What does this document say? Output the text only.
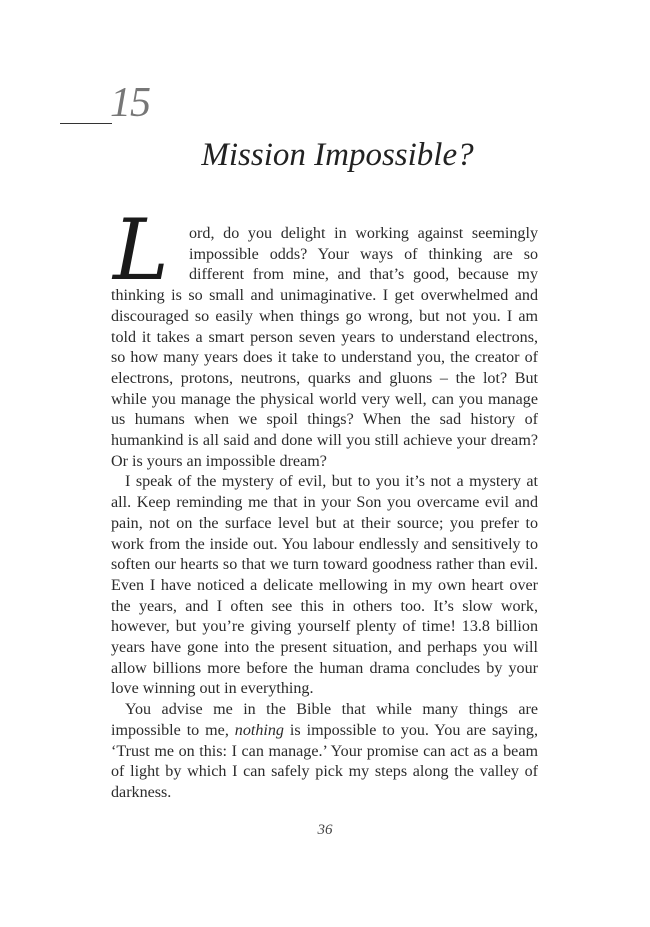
15
Mission Impossible?

L ord, do you delight in working against seemingly impossible odds? Your ways of thinking are so different from mine, and that’s good, because my thinking is so small and unimaginative. I get overwhelmed and discouraged so easily when things go wrong, but not you. I am told it takes a smart person seven years to understand electrons, so how many years does it take to understand you, the creator of electrons, protons, neutrons, quarks and gluons – the lot? But while you manage the physical world very well, can you manage us humans when we spoil things? When the sad history of humankind is all said and done will you still achieve your dream? Or is yours an impossible dream?

I speak of the mystery of evil, but to you it’s not a mystery at all. Keep reminding me that in your Son you overcame evil and pain, not on the surface level but at their source; you prefer to work from the inside out. You labour endlessly and sensitively to soften our hearts so that we turn toward goodness rather than evil. Even I have noticed a delicate mellowing in my own heart over the years, and I often see this in others too. It’s slow work, however, but you’re giving yourself plenty of time! 13.8 billion years have gone into the present situation, and perhaps you will allow billions more before the human drama concludes by your love winning out in everything.

You advise me in the Bible that while many things are impossible to me, nothing is impossible to you. You are saying, ‘Trust me on this: I can manage.’ Your promise can act as a beam of light by which I can safely pick my steps along the valley of darkness.

36
